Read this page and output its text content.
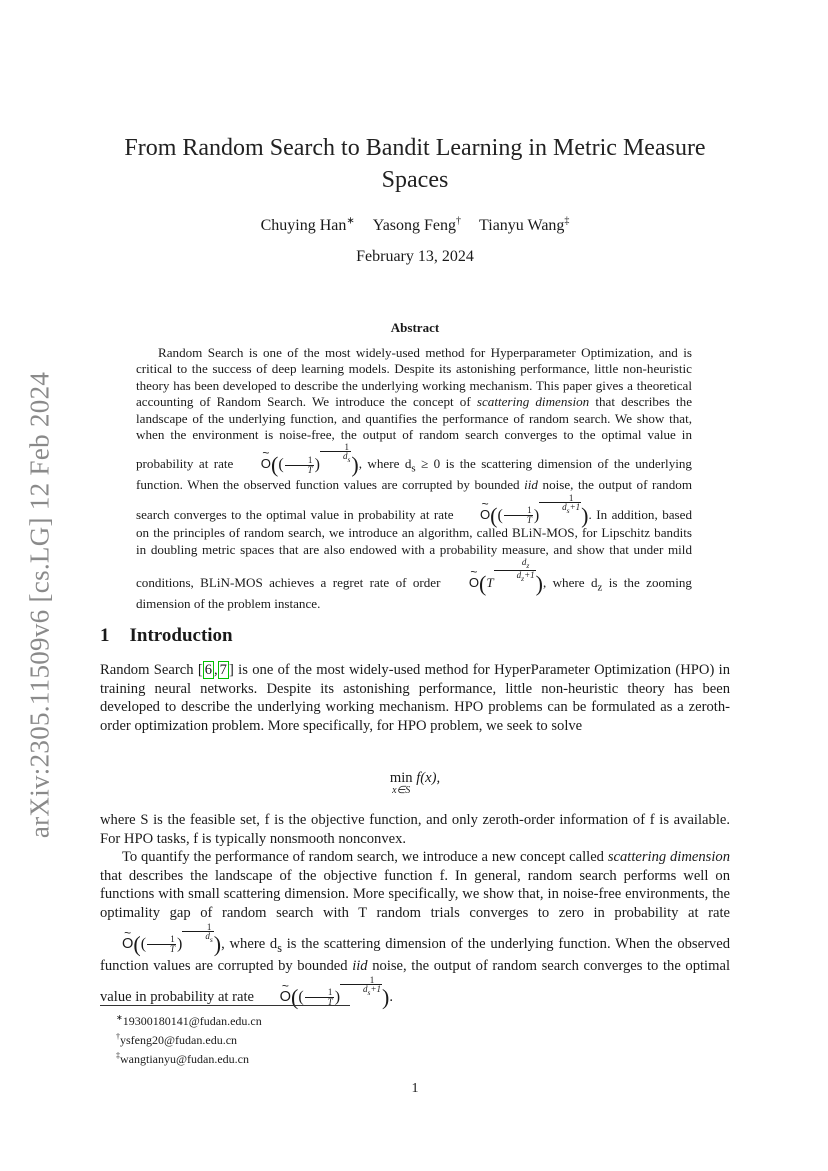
arXiv:2305.11509v6 [cs.LG] 12 Feb 2024
From Random Search to Bandit Learning in Metric Measure Spaces
Chuying Han∗ Yasong Feng† Tianyu Wang‡
February 13, 2024
Abstract

Random Search is one of the most widely-used method for Hyperparameter Optimization, and is critical to the success of deep learning models. Despite its astonishing performance, little non-heuristic theory has been developed to describe the underlying working mechanism. This paper gives a theoretical accounting of Random Search. We introduce the concept of scattering dimension that describes the landscape of the underlying function, and quantifies the performance of random search. We show that, when the environment is noise-free, the output of random search converges to the optimal value in probability at rate ~ $O(( \frac{1}{T}$ )
$\frac{1}{d_s}$ ), where $d_s \ge 0$ is the scattering dimension of the underlying function. When the observed function values are corrupted by bounded iid noise, the output of random search converges to the optimal value in probability at rate ~ $O(( \frac{1}{T}$ )
$\frac{1}{d_s+1}$ ). In addition, based on the principles of random search, we introduce an algorithm, called BLiN-MOS, for Lipschitz bandits in doubling metric spaces that are also endowed with a probability measure, and show that under mild conditions, BLiN-MOS achieves a regret rate of order ~ $O(T \frac{d_z}{d_z+1}$
), where $d_z$ is the zooming dimension of the problem instance.

1 Introduction

Random Search [ 6 , 7 ] is one of the most widely-used method for HyperParameter Optimization (HPO) in training neural networks. Despite its astonishing performance, little non-heuristic theory has been developed to describe the underlying working mechanism. HPO problems can be formulated as a zeroth-order optimization problem. More specifically, for HPO problem, we seek to solve

min
x∈S
f(x),

where S is the feasible set, f is the objective function, and only zeroth-order information of f is available. For HPO tasks, f is typically nonsmooth nonconvex.

To quantify the performance of random search, we introduce a new concept called scattering dimension that describes the landscape of the objective function f. In general, random search performs well on functions with small scattering dimension. More specifically, we show that, in noise-free environments, the optimality gap of random search with T random trials converges to zero in probability at rate ~ $O(( \frac{1}{T}$ )
$\frac{1}{d_s}$ ), where $d_s$ is the scattering dimension of the underlying function. When the observed function values are corrupted by bounded iid noise, the output of random search converges to the optimal value in probability at rate ~ $O(( \frac{1}{T}$ )
$\frac{1}{d_s+1}$ ).

∗19300180141@fudan.edu.cn
†ysfeng20@fudan.edu.cn
‡wangtianyu@fudan.edu.cn
1
